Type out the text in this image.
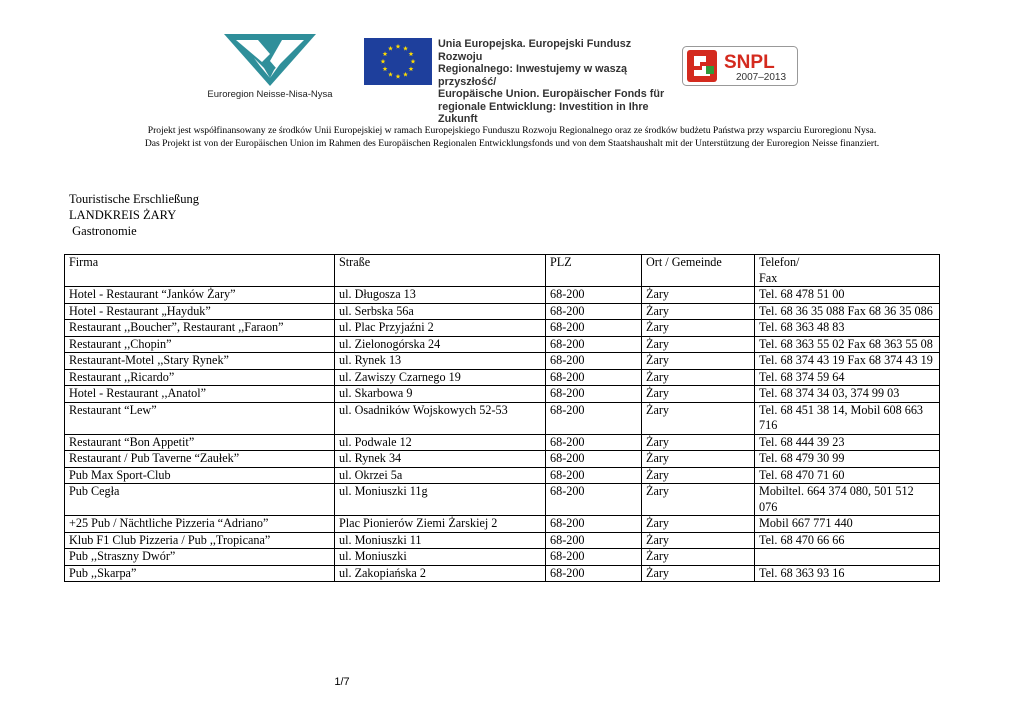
Euroregion Neisse-Nisa-Nysa
Unia Europejska. Europejski Fundusz Rozwoju
Regionalnego: Inwestujemy w waszą przyszłość/
Europäische Union. Europäischer Fonds für
regionale Entwicklung: Investition in Ihre Zukunft
SNPL
2007–2013
Projekt jest współfinansowany ze środków Unii Europejskiej w ramach Europejskiego Funduszu Rozwoju Regionalnego oraz ze środków budżetu Państwa przy wsparciu Euroregionu Nysa.
Das Projekt ist von der Europäischen Union im Rahmen des Europäischen Regionalen Entwicklungsfonds und von dem Staatshaushalt mit der Unterstützung der Euroregion Neisse finanziert.
Touristische Erschließung
LANDKREIS ŻARY
Gastronomie
Firma	Straße	PLZ	Ort / Gemeinde	Telefon/
Fax
Hotel - Restaurant “Janków Żary”	ul. Długosza 13	68-200	Żary	Tel. 68 478 51 00
Hotel - Restaurant „Hayduk”	ul. Serbska 56a	68-200	Żary	Tel. 68 36 35 088 Fax 68 36 35 086
Restaurant ,,Boucher”, Restaurant ,,Faraon”	ul. Plac Przyjaźni 2	68-200	Żary	Tel. 68 363 48 83

Restaurant ,,Chopin”	ul. Zielonogórska 24	68-200	Żary	Tel. 68 363 55 02 Fax 68 363 55 08
Restaurant-Motel ,,Stary Rynek”	ul. Rynek 13	68-200	Żary	Tel. 68 374 43 19 Fax 68 374 43 19
Restaurant ,,Ricardo”	ul. Zawiszy Czarnego 19	68-200	Żary	Tel. 68 374 59 64
Hotel - Restaurant ,,Anatol”	ul. Skarbowa 9	68-200	Żary	Tel. 68 374 34 03, 374 99 03
Restaurant “Lew”	ul. Osadników Wojskowych 52-53	68-200	Żary	Tel. 68 451 38 14, Mobil 608 663 716
Restaurant “Bon Appetit”	ul. Podwale 12	68-200	Żary	Tel. 68 444 39 23
Restaurant / Pub Taverne “Zaułek”	ul. Rynek 34	68-200	Żary	Tel. 68 479 30 99
Pub Max Sport-Club	ul. Okrzei 5a	68-200	Żary	Tel. 68 470 71 60
Pub Cegła	ul. Moniuszki 11g	68-200	Żary	Mobiltel. 664 374 080, 501 512 076
+25 Pub / Nächtliche Pizzeria “Adriano”	Plac Pionierów Ziemi Żarskiej 2	68-200	Żary	Mobil 667 771 440
Klub F1 Club Pizzeria / Pub ,,Tropicana”	ul. Moniuszki 11	68-200	Żary	Tel. 68 470 66 66
Pub ,,Straszny Dwór”	ul. Moniuszki	68-200	Żary	
Pub ,,Skarpa”	ul. Zakopiańska 2	68-200	Żary	Tel. 68 363 93 16
1/7
